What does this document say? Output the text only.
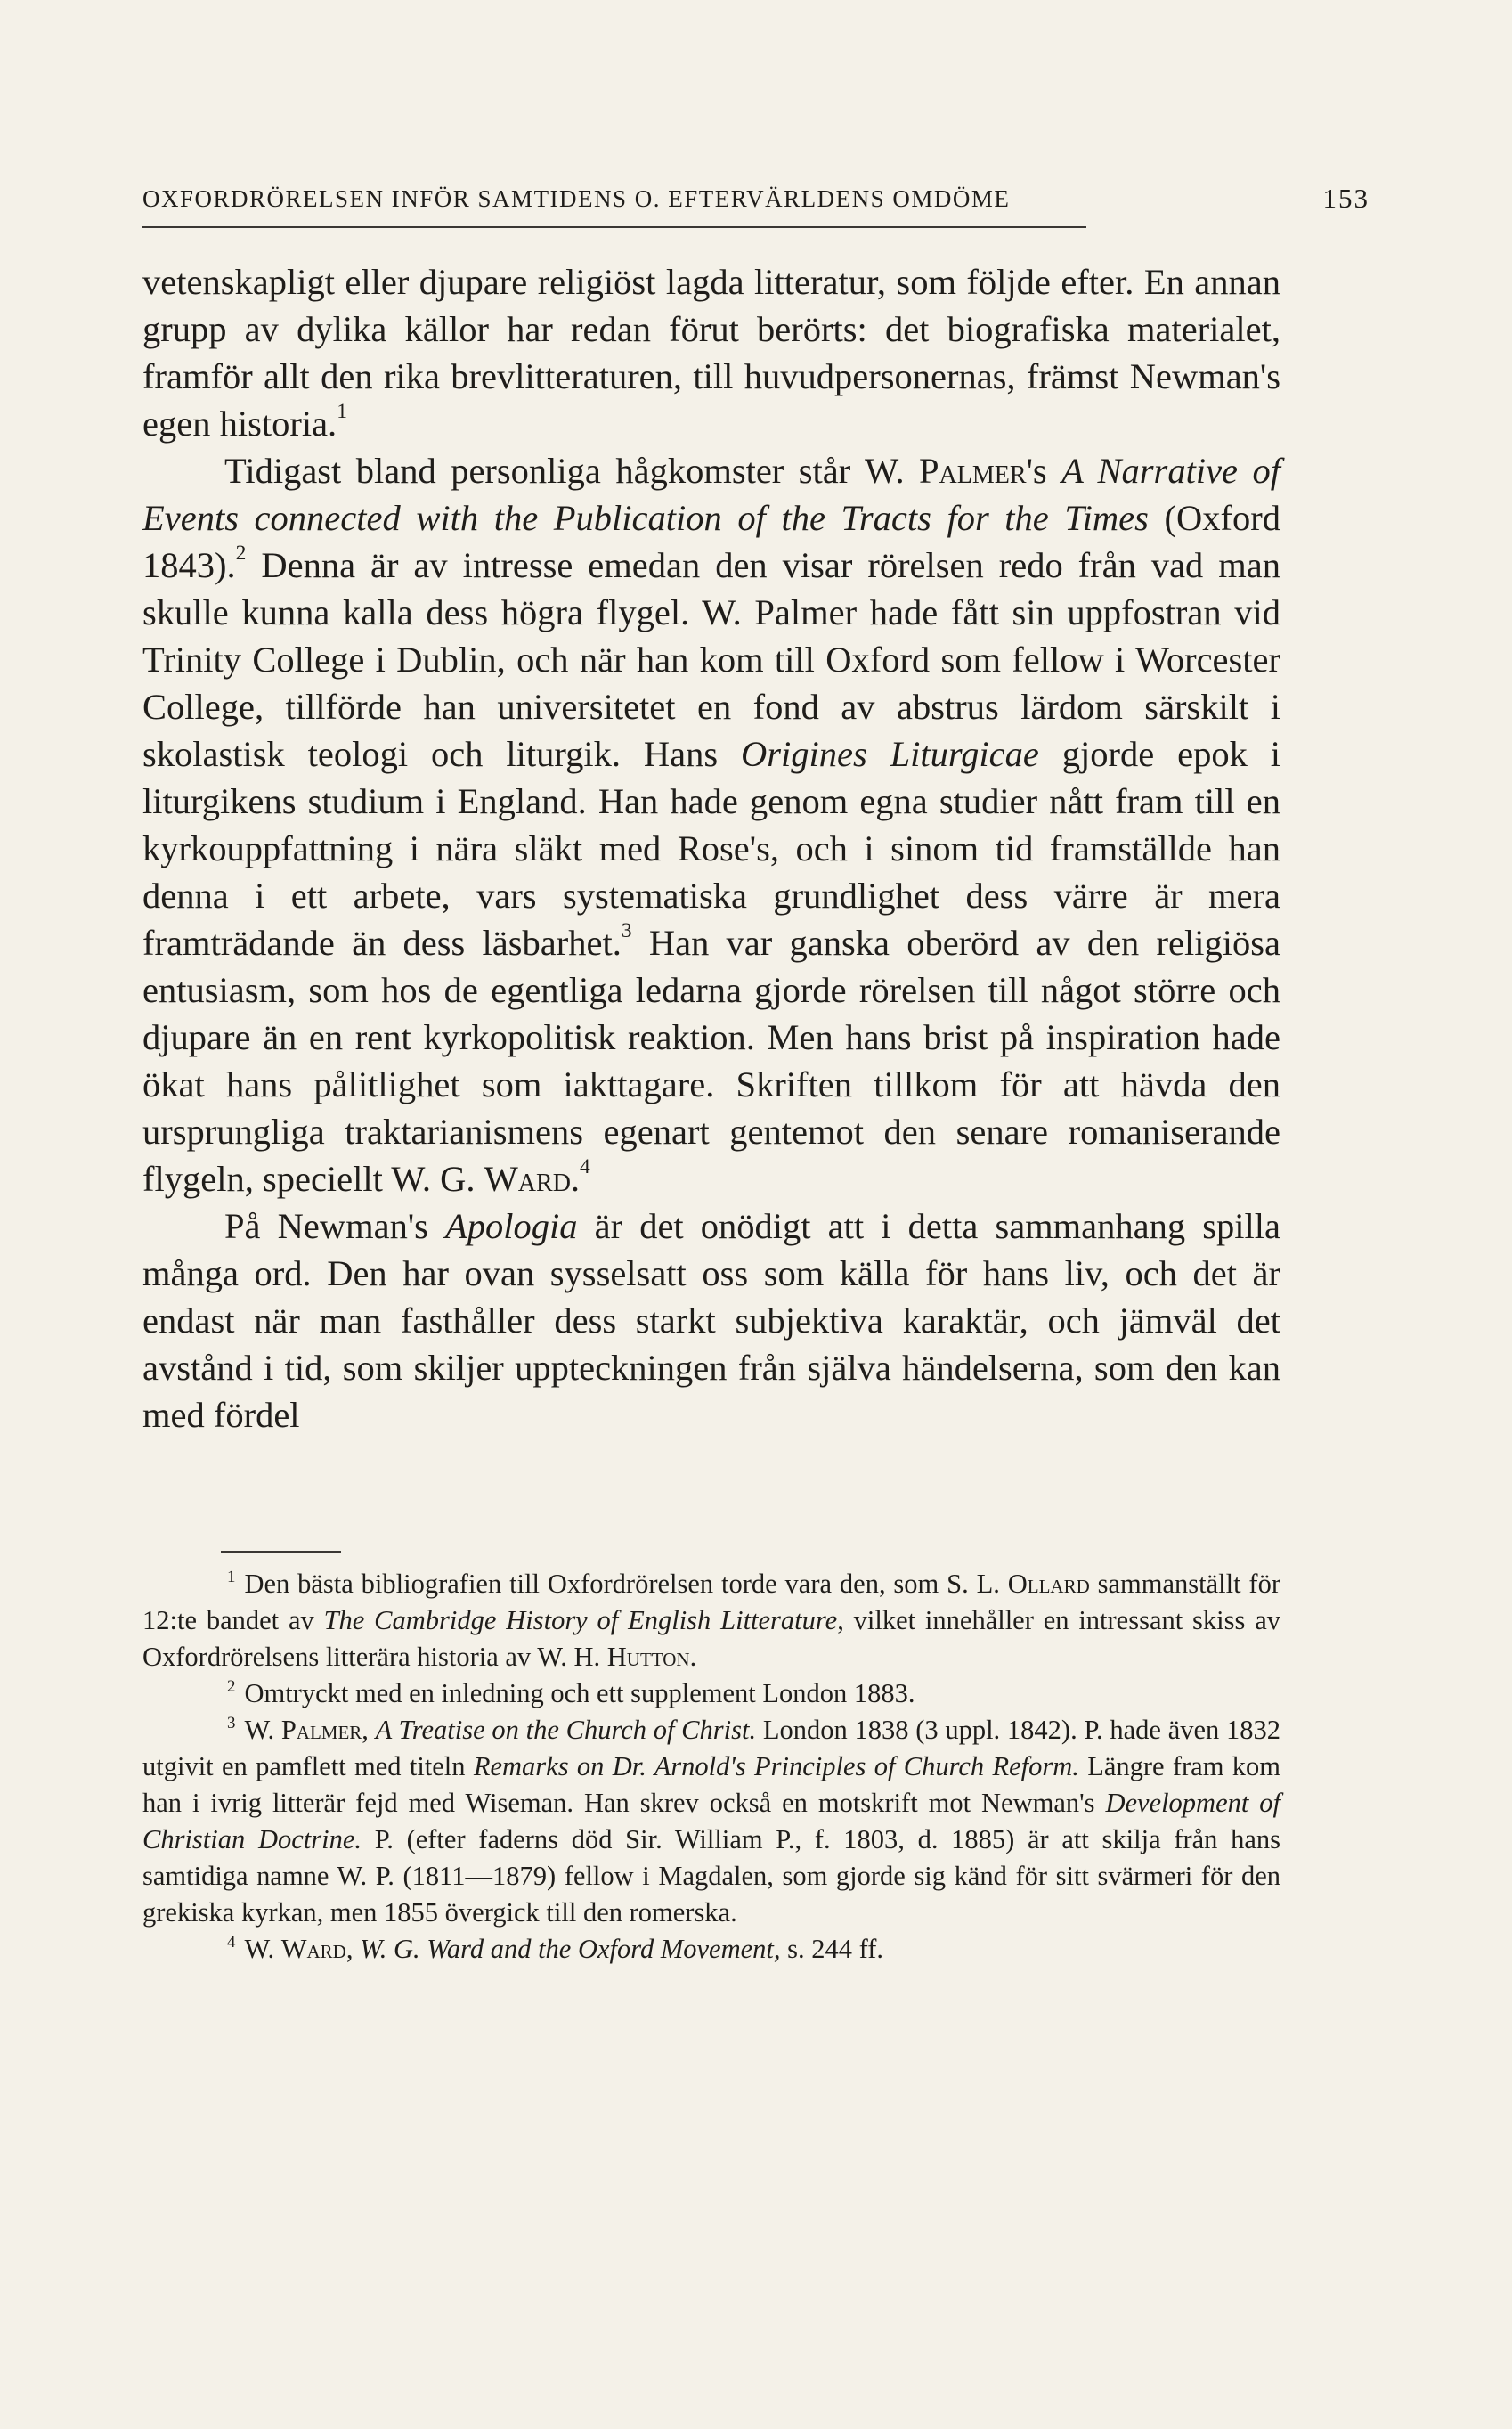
OXFORDRÖRELSEN INFÖR SAMTIDENS O. EFTERVÄRLDENS OMDÖME	153

vetenskapligt eller djupare religiöst lagda litteratur, som följde efter. En annan grupp av dylika källor har redan förut berörts: det biografiska materialet, framför allt den rika brevlitteraturen, till huvudpersonernas, främst Newman's egen historia.$^1$

Tidigast bland personliga hågkomster står W. Palmer's A Narrative of Events connected with the Publication of the Tracts for the Times (Oxford 1843).$^2$ Denna är av intresse emedan den visar rörelsen redo från vad man skulle kunna kalla dess högra flygel. W. Palmer hade fått sin uppfostran vid Trinity College i Dublin, och när han kom till Oxford som fellow i Worcester College, tillförde han universitetet en fond av abstrus lärdom särskilt i skolastisk teologi och liturgik. Hans Origines Liturgicae gjorde epok i liturgikens studium i England. Han hade genom egna studier nått fram till en kyrkouppfattning i nära släkt med Rose's, och i sinom tid framställde han denna i ett arbete, vars systematiska grundlighet dess värre är mera framträdande än dess läsbarhet.$^3$ Han var ganska oberörd av den religiösa entusiasm, som hos de egentliga ledarna gjorde rörelsen till något större och djupare än en rent kyrkopolitisk reaktion. Men hans brist på inspiration hade ökat hans pålitlighet som iakttagare. Skriften tillkom för att hävda den ursprungliga traktarianismens egenart gentemot den senare romaniserande flygeln, speciellt W. G. Ward.$^4$

På Newman's Apologia är det onödigt att i detta sammanhang spilla många ord. Den har ovan sysselsatt oss som källa för hans liv, och det är endast när man fasthåller dess starkt subjektiva karaktär, och jämväl det avstånd i tid, som skiljer uppteckningen från själva händelserna, som den kan med fördel

$^1$ Den bästa bibliografien till Oxfordrörelsen torde vara den, som S. L. Ollard sammanställt för 12:te bandet av The Cambridge History of English Litterature, vilket innehåller en intressant skiss av Oxfordrörelsens litterära historia av W. H. Hutton.

$^2$ Omtryckt med en inledning och ett supplement London 1883.

$^3$ W. Palmer, A Treatise on the Church of Christ. London 1838 (3 uppl. 1842). P. hade även 1832 utgivit en pamflett med titeln Remarks on Dr. Arnold's Principles of Church Reform. Längre fram kom han i ivrig litterär fejd med Wiseman. Han skrev också en motskrift mot Newman's Development of Christian Doctrine. P. (efter faderns död Sir. William P., f. 1803, d. 1885) är att skilja från hans samtidiga namne W. P. (1811—1879) fellow i Magdalen, som gjorde sig känd för sitt svärmeri för den grekiska kyrkan, men 1855 övergick till den romerska.

$^4$ W. Ward, W. G. Ward and the Oxford Movement, s. 244 ff.
